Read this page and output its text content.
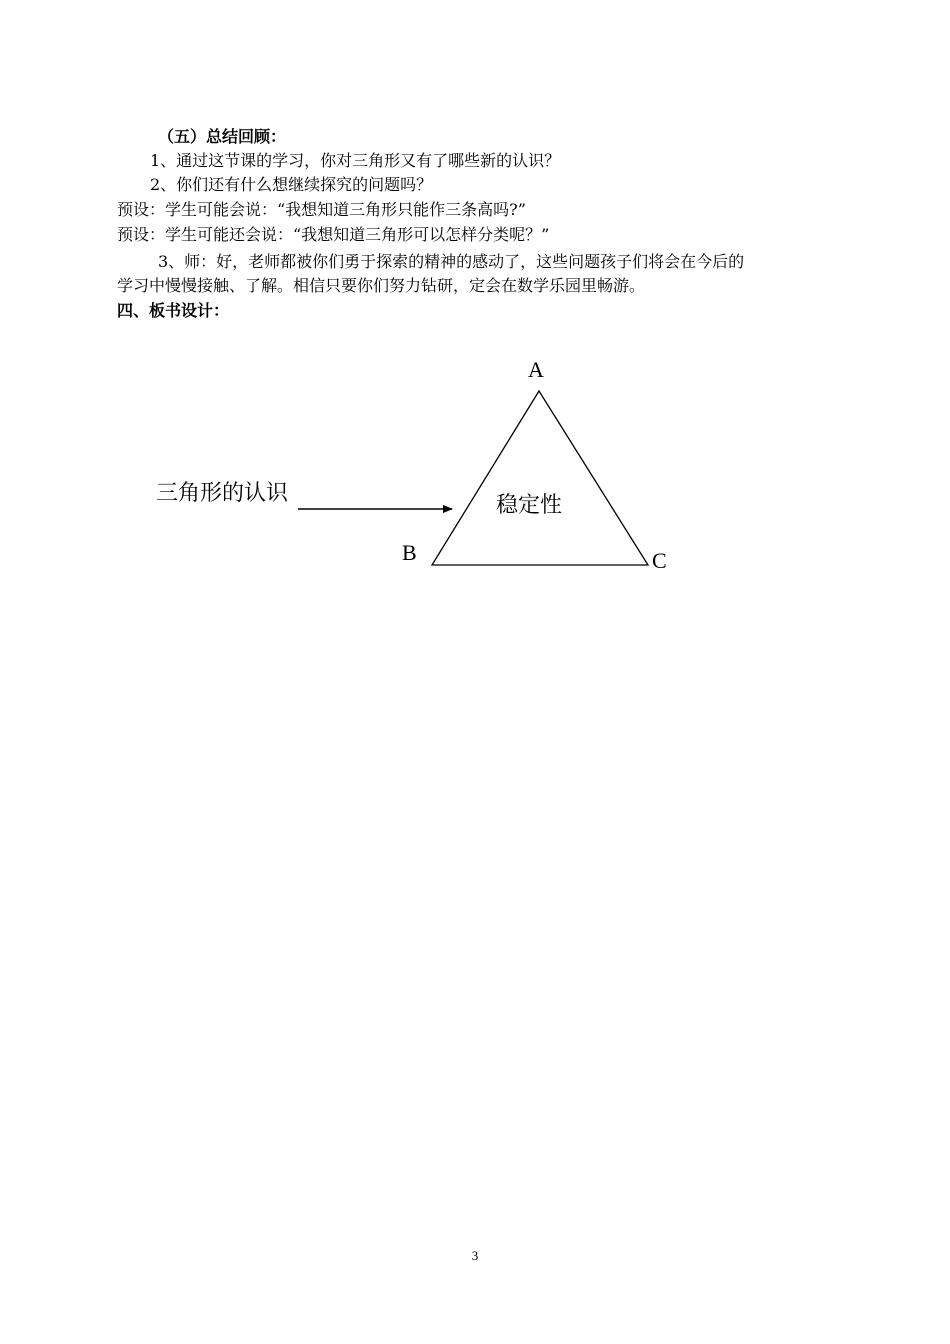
（五）总结回顾：
1、通过这节课的学习，你对三角形又有了哪些新的认识？
2、你们还有什么想继续探究的问题吗？
预设：学生可能会说：“我想知道三角形只能作三条高吗?”
预设：学生可能还会说：“我想知道三角形可以怎样分类呢？”
3、师：好，老师都被你们勇于探索的精神的感动了，这些问题孩子们将会在今后的
学习中慢慢接触、了解。相信只要你们努力钻研，定会在数学乐园里畅游。
四、板书设计：
三角形的认识	稳定性
A
B	C
3
